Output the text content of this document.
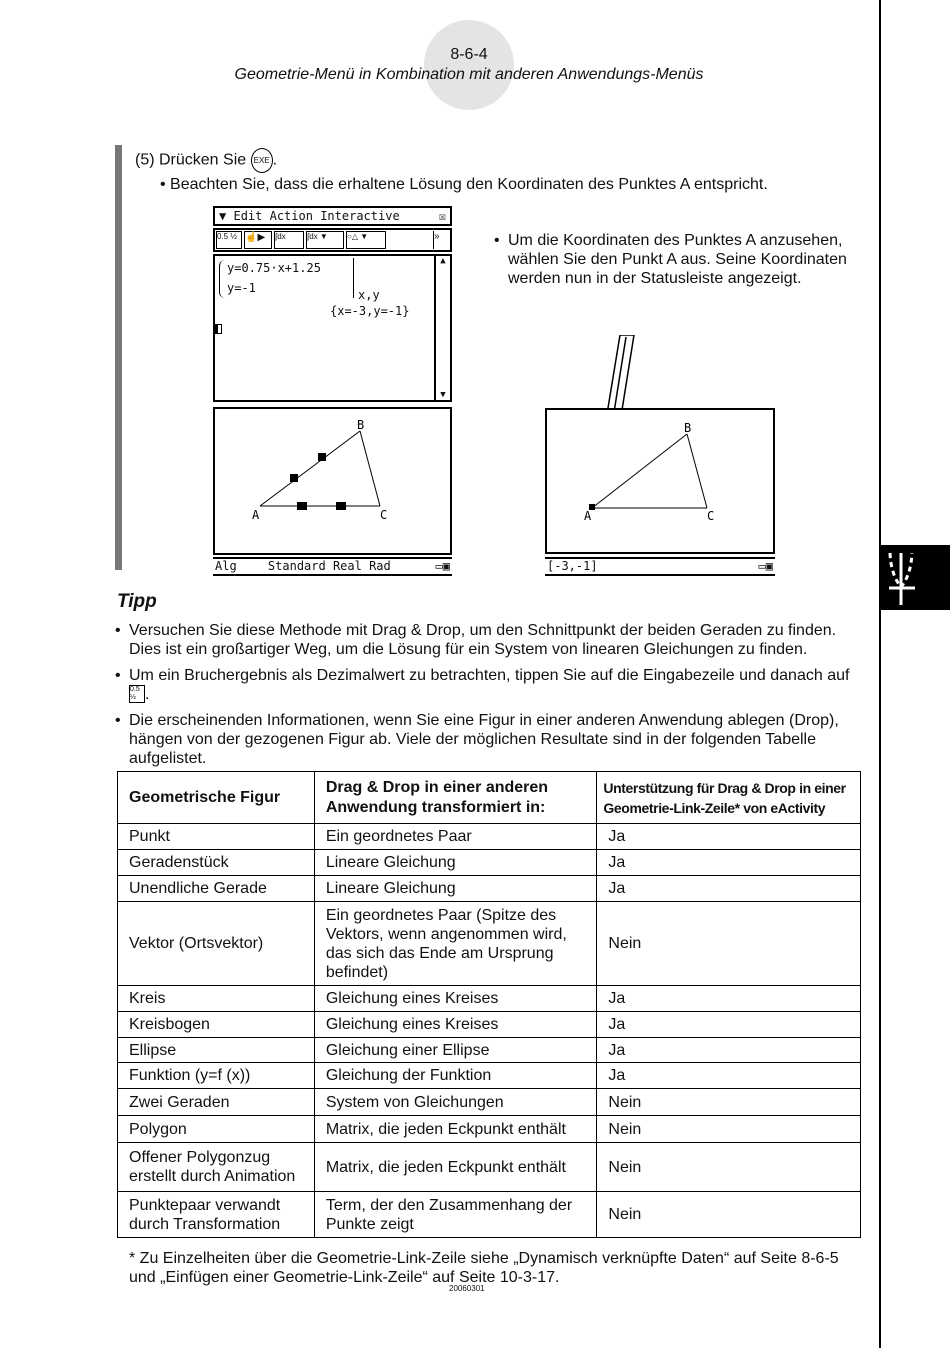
8-6-4
Geometrie-Menü in Kombination mit anderen Anwendungs-Menüs
(5) Drücken Sie EXE .
• Beachten Sie, dass die erhaltene Lösung den Koordinaten des Punktes A entspricht.
▼ Edit Action Interactive	☒
0.5 ½ ☝▶	∫dx	∫dx ▼	○△ ▼	»
y=0.75·x+1.25
y=-1	x,y
{x=-3,y=-1}
▲
▼
A
B
C
Alg	Standard Real Rad	▭▣
• Um die Koordinaten des Punktes A anzusehen, wählen Sie den Punkt A aus. Seine Koordinaten werden nun in der Statusleiste angezeigt.
A
B
C
[-3,-1]	▭▣
Tipp
• Versuchen Sie diese Methode mit Drag & Drop, um den Schnittpunkt der beiden Geraden zu finden. Dies ist ein großartiger Weg, um die Lösung für ein System von linearen Gleichungen zu finden.
• Um ein Bruchergebnis als Dezimalwert zu betrachten, tippen Sie auf die Eingabezeile und danach auf 0.5 ½ .
• Die erscheinenden Informationen, wenn Sie eine Figur in einer anderen Anwendung ablegen (Drop), hängen von der gezogenen Figur ab. Viele der möglichen Resultate sind in der folgenden Tabelle aufgelistet.
Geometrische Figur	Drag & Drop in einer anderen Anwendung transformiert in:	Unterstützung für Drag & Drop in einer Geometrie-Link-Zeile* von eActivity
Punkt	Ein geordnetes Paar	Ja
Geradenstück	Lineare Gleichung	Ja
Unendliche Gerade	Lineare Gleichung	Ja
Vektor (Ortsvektor)	Ein geordnetes Paar (Spitze des Vektors, wenn angenommen wird, das sich das Ende am Ursprung befindet)	Nein
Kreis	Gleichung eines Kreises	Ja
Kreisbogen	Gleichung eines Kreises	Ja
Ellipse	Gleichung einer Ellipse	Ja
Funktion (y=f (x))	Gleichung der Funktion	Ja
Zwei Geraden	System von Gleichungen	Nein
Polygon	Matrix, die jeden Eckpunkt enthält	Nein
Offener Polygonzug erstellt durch Animation	Matrix, die jeden Eckpunkt enthält	Nein
Punktepaar verwandt durch Transformation	Term, der den Zusammenhang der Punkte zeigt	Nein
* Zu Einzelheiten über die Geometrie-Link-Zeile siehe „Dynamisch verknüpfte Daten“ auf Seite 8-6-5 und „Einfügen einer Geometrie-Link-Zeile“ auf Seite 10-3-17.
20060301
